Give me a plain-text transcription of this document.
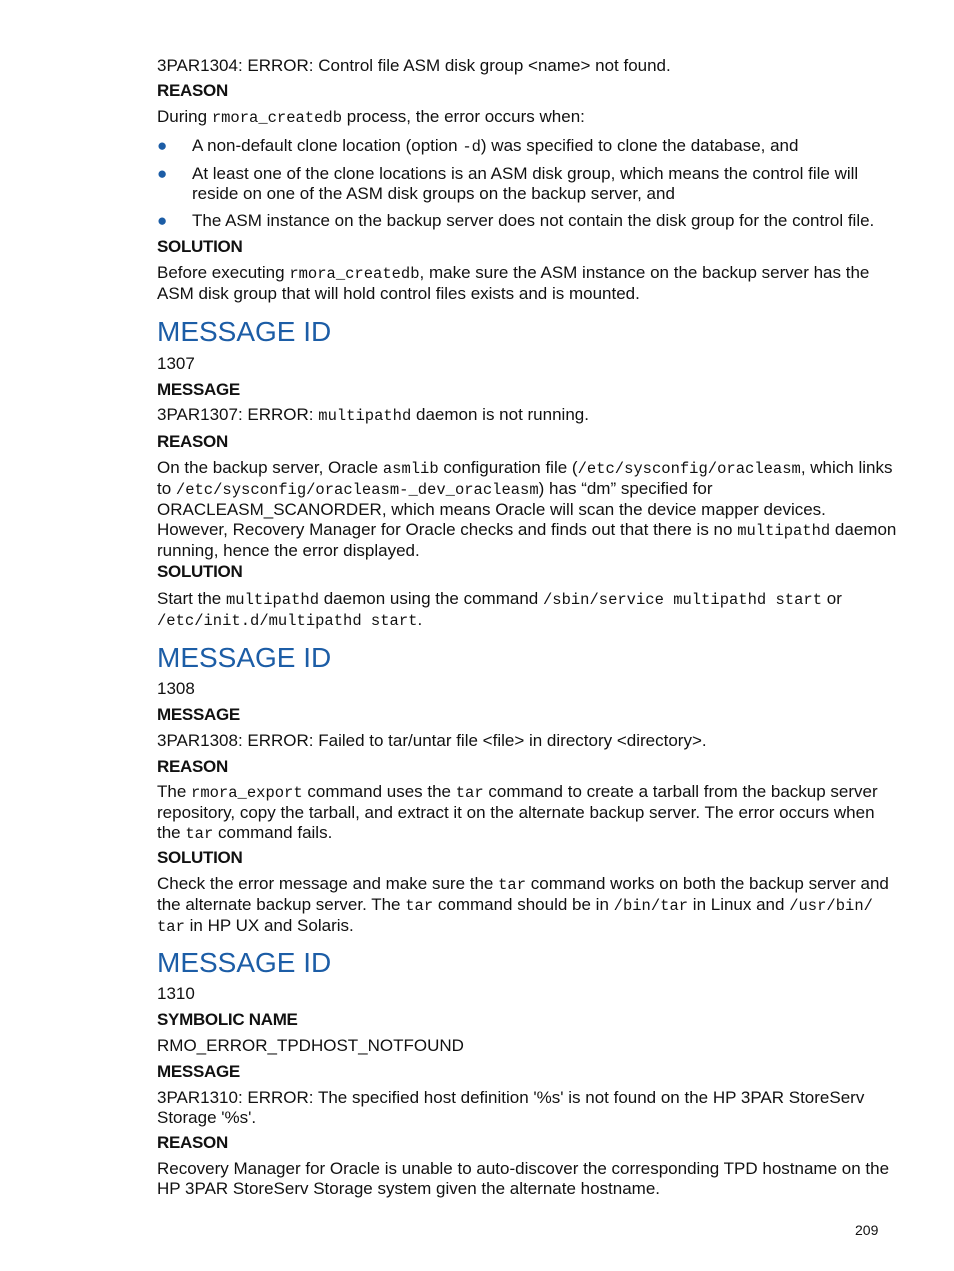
3PAR1304: ERROR: Control file ASM disk group <name> not found.
REASON
During rmora_createdb process, the error occurs when:
● A non-default clone location (option -d) was specified to clone the database, and
● At least one of the clone locations is an ASM disk group, which means the control file will reside on one of the ASM disk groups on the backup server, and
● The ASM instance on the backup server does not contain the disk group for the control file.
SOLUTION
Before executing rmora_createdb, make sure the ASM instance on the backup server has the ASM disk group that will hold control files exists and is mounted.
MESSAGE ID
1307
MESSAGE
3PAR1307: ERROR: multipathd daemon is not running.
REASON
On the backup server, Oracle asmlib configuration file (/etc/sysconfig/oracleasm, which links to /etc/sysconfig/oracleasm-_dev_oracleasm) has “dm” specified for ORACLEASM_SCANORDER, which means Oracle will scan the device mapper devices. However, Recovery Manager for Oracle checks and finds out that there is no multipathd daemon running, hence the error displayed.
SOLUTION
Start the multipathd daemon using the command /sbin/service multipathd start or /etc/init.d/multipathd start.
MESSAGE ID
1308
MESSAGE
3PAR1308: ERROR: Failed to tar/untar file <file> in directory <directory>.
REASON
The rmora_export command uses the tar command to create a tarball from the backup server repository, copy the tarball, and extract it on the alternate backup server. The error occurs when the tar command fails.
SOLUTION
Check the error message and make sure the tar command works on both the backup server and the alternate backup server. The tar command should be in /bin/tar in Linux and /usr/bin/ tar in HP UX and Solaris.
MESSAGE ID
1310
SYMBOLIC NAME
RMO_ERROR_TPDHOST_NOTFOUND
MESSAGE
3PAR1310: ERROR: The specified host definition '%s' is not found on the HP 3PAR StoreServ Storage '%s'.
REASON
Recovery Manager for Oracle is unable to auto-discover the corresponding TPD hostname on the HP 3PAR StoreServ Storage system given the alternate hostname.
209
